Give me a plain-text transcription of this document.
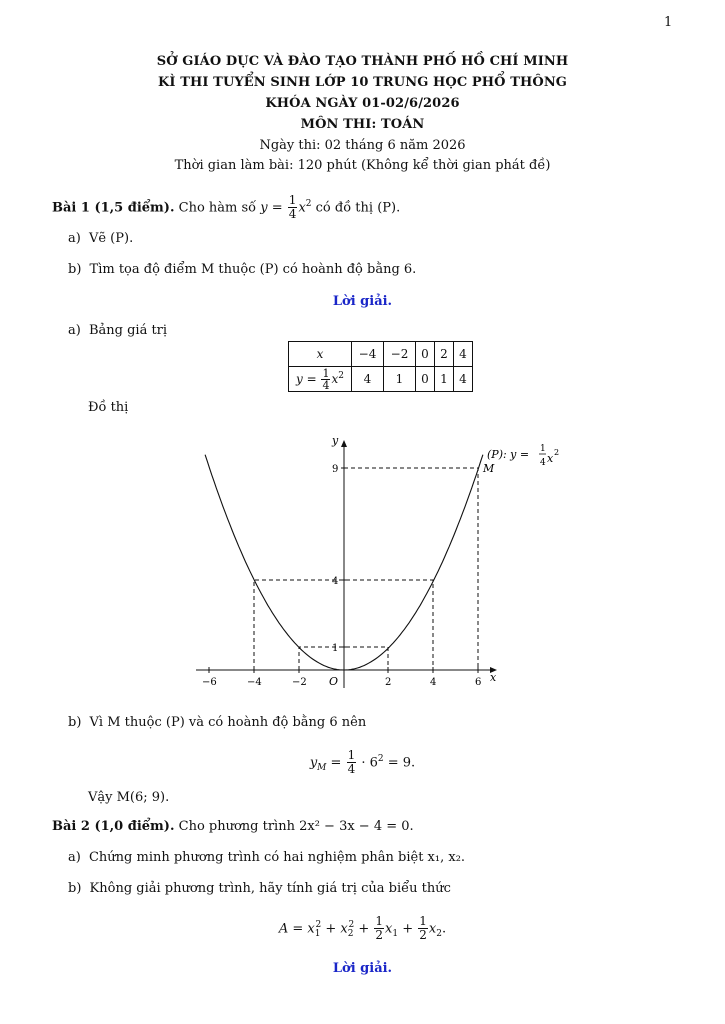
1
SỞ GIÁO DỤC VÀ ĐÀO TẠO THÀNH PHỐ HỒ CHÍ MINH
KÌ THI TUYỂN SINH LỚP 10 TRUNG HỌC PHỔ THÔNG
KHÓA NGÀY 01-02/6/2026
MÔN THI: TOÁN
Ngày thi: 02 tháng 6 năm 2026
Thời gian làm bài: 120 phút (Không kể thời gian phát đề)
Bài 1 (1,5 điểm). Cho hàm số $y = \frac{1}{4} x^2$ có đồ thị (P).
a) Vẽ (P).
b) Tìm tọa độ điểm M thuộc (P) có hoành độ bằng 6.
Lời giải.
a) Bảng giá trị
x	−4	−2	0	2	4
$y = \frac{1}{4} x^2$	4	1	0	1	4
Đồ thị
x
y
O
−6	−4	−2	2	4	6
1
4
9
(P): y = 1
4 x 2
M
b) Vì M thuộc (P) và có hoành độ bằng 6 nên
$y_M = \frac{1}{4} \cdot 6^2 = 9$.
Vậy M(6; 9).
Bài 2 (1,0 điểm). Cho phương trình 2x² − 3x − 4 = 0.
a) Chứng minh phương trình có hai nghiệm phân biệt x₁, x₂.
b) Không giải phương trình, hãy tính giá trị của biểu thức
$A = x_1^2 + x_2^2 + \frac{1}{2} x_1 + \frac{1}{2} x_2$.
Lời giải.
